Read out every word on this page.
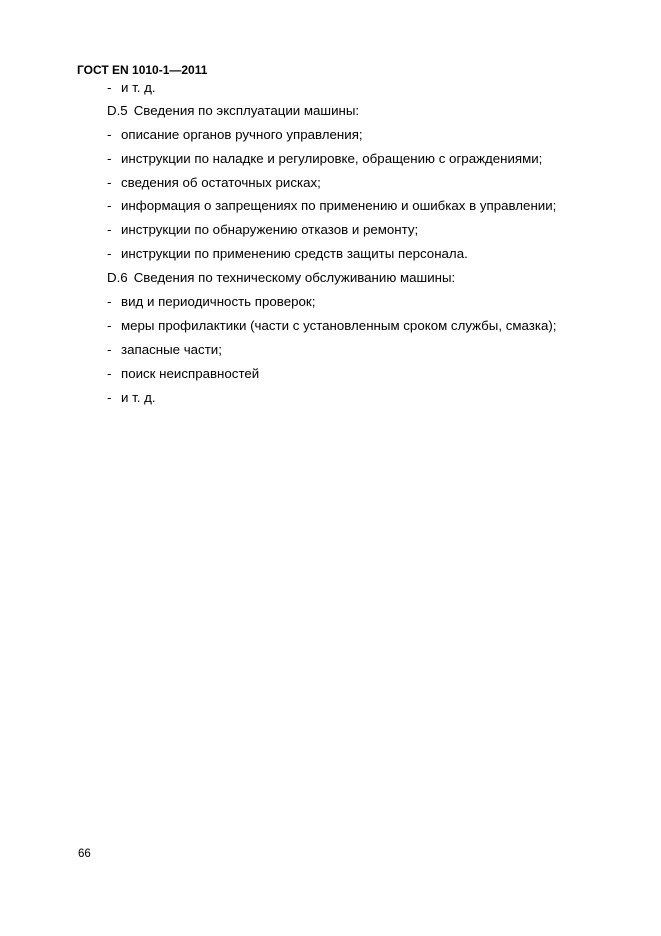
ГОСТ EN 1010-1—2011
- и т. д.
D.5 Сведения по эксплуатации машины:
- описание органов ручного управления;
- инструкции по наладке и регулировке, обращению с ограждениями;
- сведения об остаточных рисках;
- информация о запрещениях по применению и ошибках в управлении;
- инструкции по обнаружению отказов и ремонту;
- инструкции по применению средств защиты персонала.
D.6 Сведения по техническому обслуживанию машины:
- вид и периодичность проверок;
- меры профилактики (части с установленным сроком службы, смазка);
- запасные части;
- поиск неисправностей
- и т. д.
66
